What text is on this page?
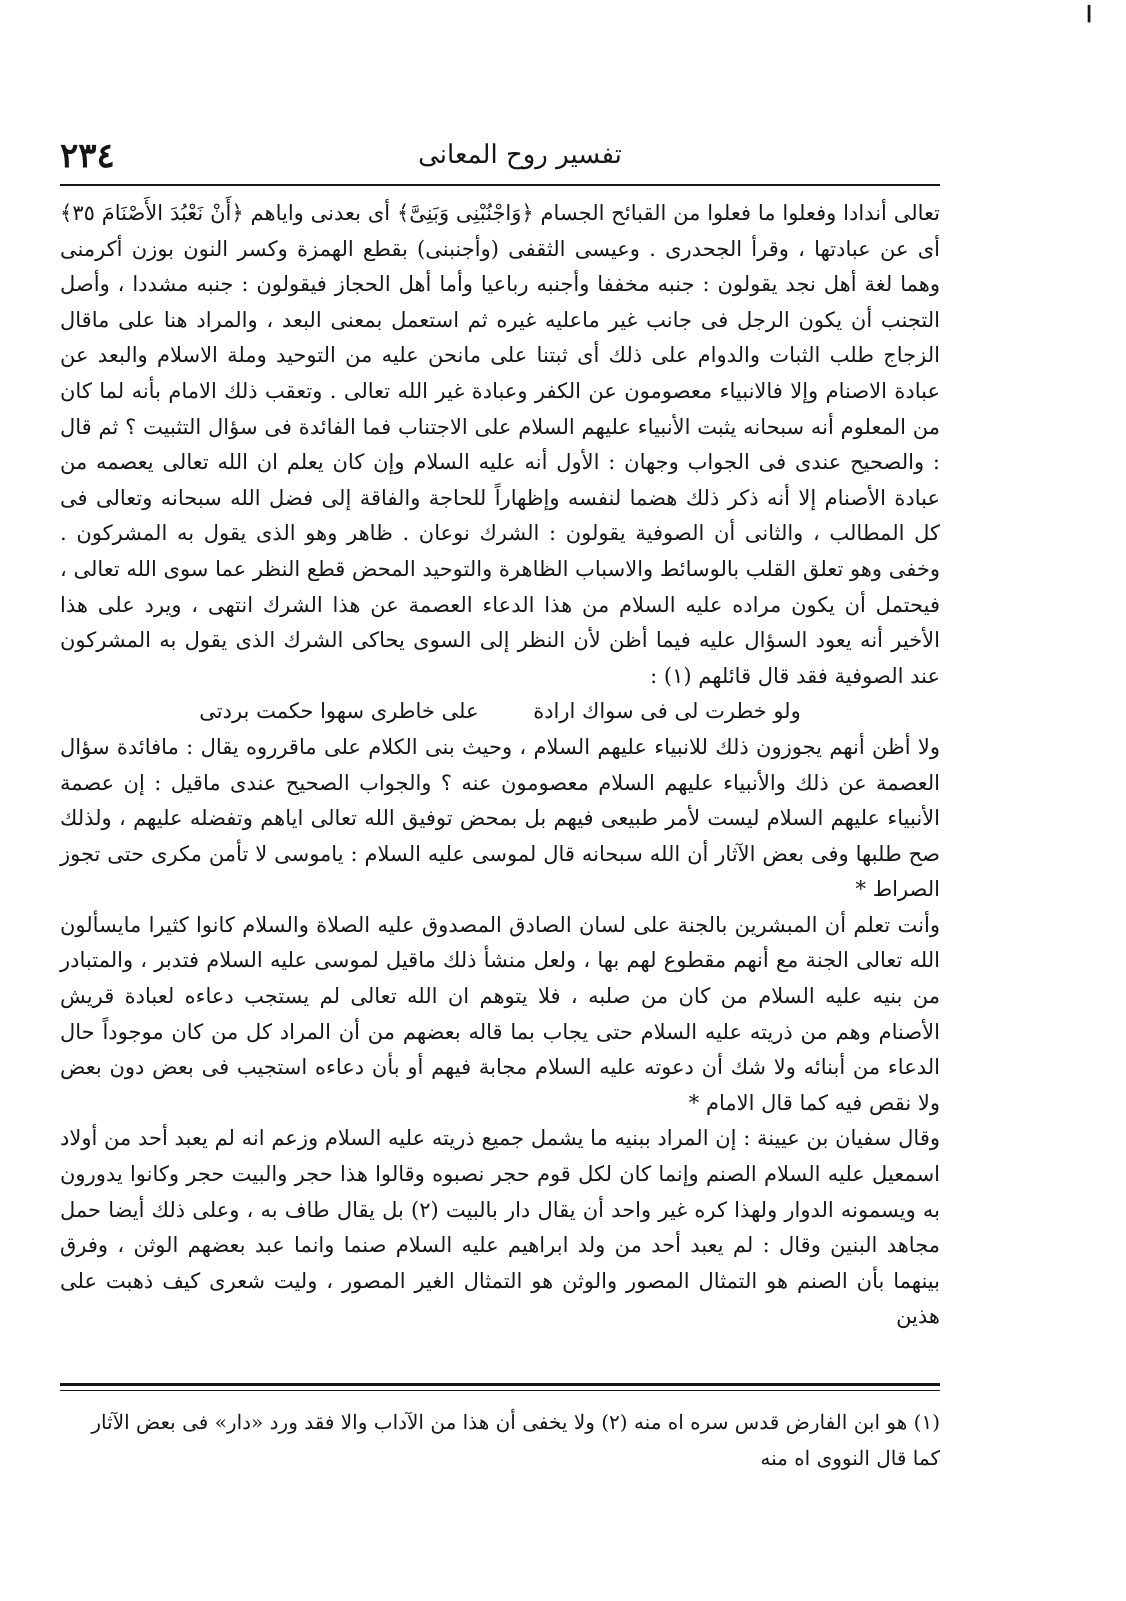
ا
٢٣٤	تفسير روح المعانى

تعالى أندادا وفعلوا ما فعلوا من القبائح الجسام ﴿وَاجْنُبْنِى وَبَنِىَّ﴾ أى بعدنى واياهم ﴿أَنْ نَعْبُدَ الأَصْنَامَ ٣٥﴾ أى عن عبادتها ، وقرأ الجحدرى . وعيسى الثقفى (وأجنبنى) بقطع الهمزة وكسر النون بوزن أكرمنى وهما لغة أهل نجد يقولون : جنبه مخففا وأجنبه رباعيا وأما أهل الحجاز فيقولون : جنبه مشددا ، وأصل التجنب أن يكون الرجل فى جانب غير ماعليه غيره ثم استعمل بمعنى البعد ، والمراد هنا على ماقال الزجاج طلب الثبات والدوام على ذلك أى ثبتنا على مانحن عليه من التوحيد وملة الاسلام والبعد عن عبادة الاصنام وإلا فالانبياء معصومون عن الكفر وعبادة غير الله تعالى . وتعقب ذلك الامام بأنه لما كان من المعلوم أنه سبحانه يثبت الأنبياء عليهم السلام على الاجتناب فما الفائدة فى سؤال التثبيت ؟ ثم قال : والصحيح عندى فى الجواب وجهان : الأول أنه عليه السلام وإن كان يعلم ان الله تعالى يعصمه من عبادة الأصنام إلا أنه ذكر ذلك هضما لنفسه وإظهاراً للحاجة والفاقة إلى فضل الله سبحانه وتعالى فى كل المطالب ، والثانى أن الصوفية يقولون : الشرك نوعان . ظاهر وهو الذى يقول به المشركون . وخفى وهو تعلق القلب بالوسائط والاسباب الظاهرة والتوحيد المحض قطع النظر عما سوى الله تعالى ، فيحتمل أن يكون مراده عليه السلام من هذا الدعاء العصمة عن هذا الشرك انتهى ، ويرد على هذا الأخير أنه يعود السؤال عليه فيما أظن لأن النظر إلى السوى يحاكى الشرك الذى يقول به المشركون عند الصوفية فقد قال قائلهم (١) :

ولو خطرت لى فى سواك ارادة على خاطرى سهوا حكمت بردتى

ولا أظن أنهم يجوزون ذلك للانبياء عليهم السلام ، وحيث بنى الكلام على ماقرروه يقال : مافائدة سؤال العصمة عن ذلك والأنبياء عليهم السلام معصومون عنه ؟ والجواب الصحيح عندى ماقيل : إن عصمة الأنبياء عليهم السلام ليست لأمر طبيعى فيهم بل بمحض توفيق الله تعالى اياهم وتفضله عليهم ، ولذلك صح طلبها وفى بعض الآثار أن الله سبحانه قال لموسى عليه السلام : ياموسى لا تأمن مكرى حتى تجوز الصراط *

وأنت تعلم أن المبشرين بالجنة على لسان الصادق المصدوق عليه الصلاة والسلام كانوا كثيرا مايسألون الله تعالى الجنة مع أنهم مقطوع لهم بها ، ولعل منشأ ذلك ماقيل لموسى عليه السلام فتدبر ، والمتبادر من بنيه عليه السلام من كان من صلبه ، فلا يتوهم ان الله تعالى لم يستجب دعاءه لعبادة قريش الأصنام وهم من ذريته عليه السلام حتى يجاب بما قاله بعضهم من أن المراد كل من كان موجوداً حال الدعاء من أبنائه ولا شك أن دعوته عليه السلام مجابة فيهم أو بأن دعاءه استجيب فى بعض دون بعض ولا نقص فيه كما قال الامام *

وقال سفيان بن عيينة : إن المراد ببنيه ما يشمل جميع ذريته عليه السلام وزعم انه لم يعبد أحد من أولاد اسمعيل عليه السلام الصنم وإنما كان لكل قوم حجر نصبوه وقالوا هذا حجر والبيت حجر وكانوا يدورون به ويسمونه الدوار ولهذا كره غير واحد أن يقال دار بالبيت (٢) بل يقال طاف به ، وعلى ذلك أيضا حمل مجاهد البنين وقال : لم يعبد أحد من ولد ابراهيم عليه السلام صنما وانما عبد بعضهم الوثن ، وفرق بينهما بأن الصنم هو التمثال المصور والوثن هو التمثال الغير المصور ، وليت شعرى كيف ذهبت على هذين

(١) هو ابن الفارض قدس سره اه منه (٢) ولا يخفى أن هذا من الآداب والا فقد ورد «دار» فى بعض الآثار

كما قال النووى اه منه
